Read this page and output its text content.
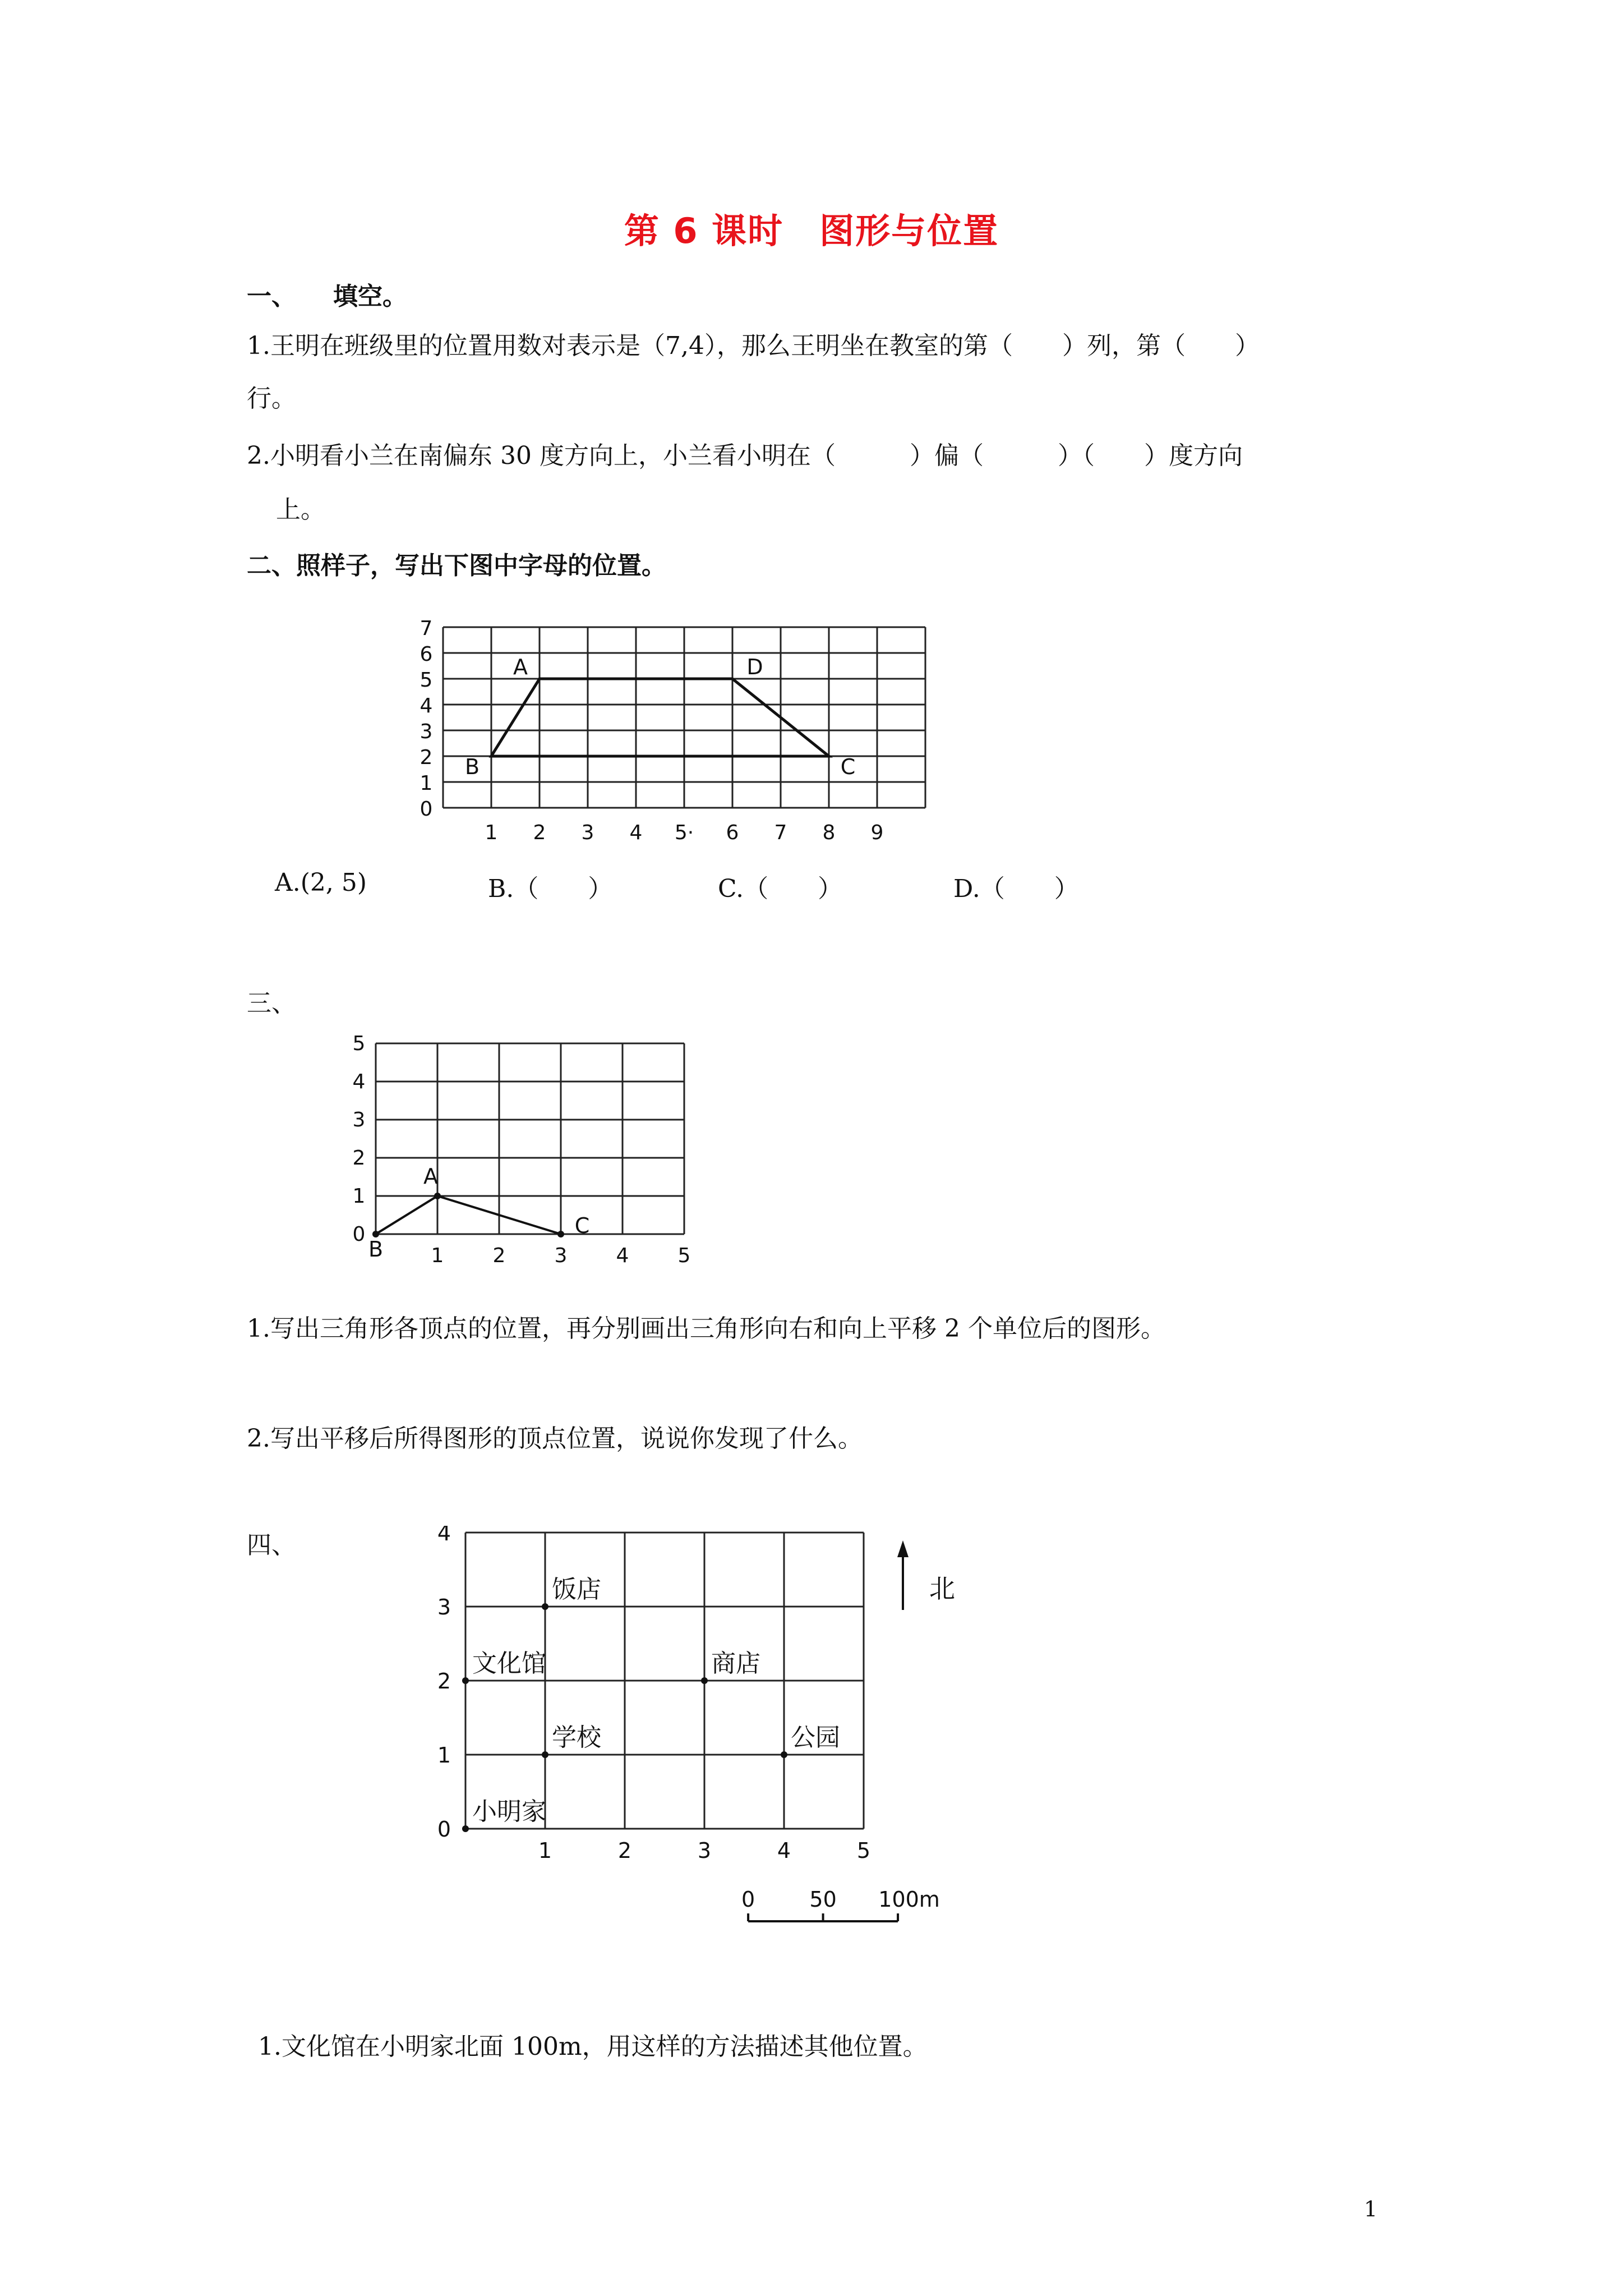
第 6 课时　图形与位置
一、　　填空。
1.王明在班级里的位置用数对表示是（7,4），那么王明坐在教室的第（　　）列，第（　　）
行。
2.小明看小兰在南偏东 30 度方向上，小兰看小明在（　　　）偏（　　　）（　　）度方向
上。
二、照样子，写出下图中字母的位置。
1 2 3 4 5· 6 7 8 9
0
1
2
3
4
5
6
7
A
B	C
D
A.(2, 5)	B.（　　）	C.（　　）	D.（　　）
三、
1 2 3 4 5
0
1
2
3
4
5
A
B
C
1.写出三角形各顶点的位置，再分别画出三角形向右和向上平移 2 个单位后的图形。
2.写出平移后所得图形的顶点位置，说说你发现了什么。
四、
1	2	3	4	5
0
1
2
3
4
饭店
文化馆	商店
学校	公园
小明家
北
0	50 100m
1.文化馆在小明家北面 100m，用这样的方法描述其他位置。
1
